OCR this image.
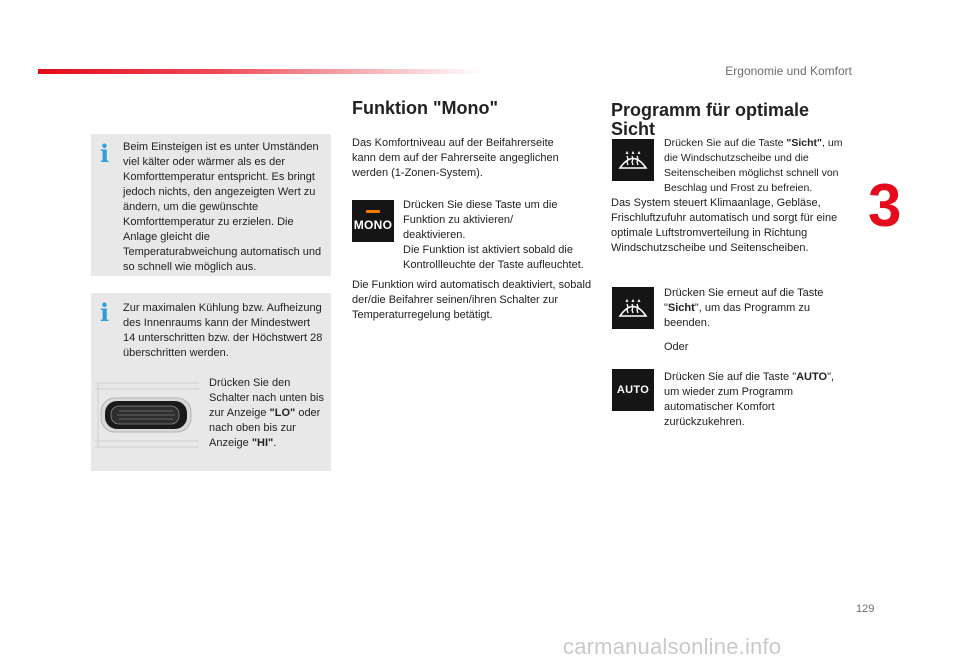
Ergonomie und Komfort
3
129
i Beim Einsteigen ist es unter Umständen viel kälter oder wärmer als es der Komforttemperatur entspricht. Es bringt jedoch nichts, den angezeigten Wert zu ändern, um die gewünschte Komforttemperatur zu erzielen. Die Anlage gleicht die Temperaturabweichung automatisch und so schnell wie möglich aus.
i Zur maximalen Kühlung bzw. Aufheizung des Innenraums kann der Mindestwert 14 unterschritten bzw. der Höchstwert 28 überschritten werden.
Drücken Sie den Schalter nach unten bis zur Anzeige "LO" oder nach oben bis zur Anzeige "HI".
Funktion "Mono"
Das Komfortniveau auf der Beifahrerseite kann dem auf der Fahrerseite angeglichen werden (1-Zonen-System).
MONO
Drücken Sie diese Taste um die Funktion zu aktivieren/ deaktivieren.
Die Funktion ist aktiviert sobald die Kontrollleuchte der Taste aufleuchtet.
Die Funktion wird automatisch deaktiviert, sobald der/die Beifahrer seinen/ihren Schalter zur Temperaturregelung betätigt.
Programm für optimale
Sicht
Drücken Sie auf die Taste "Sicht", um die Windschutzscheibe und die Seitenscheiben möglichst schnell von Beschlag und Frost zu befreien.
Das System steuert Klimaanlage, Gebläse, Frischluftzufuhr automatisch und sorgt für eine optimale Luftstromverteilung in Richtung Windschutzscheibe und Seitenscheiben.
Drücken Sie erneut auf die Taste "Sicht", um das Programm zu beenden.
Oder
AUTO
Drücken Sie auf die Taste "AUTO", um wieder zum Programm automatischer Komfort zurückzukehren.
carmanualsonline.info
